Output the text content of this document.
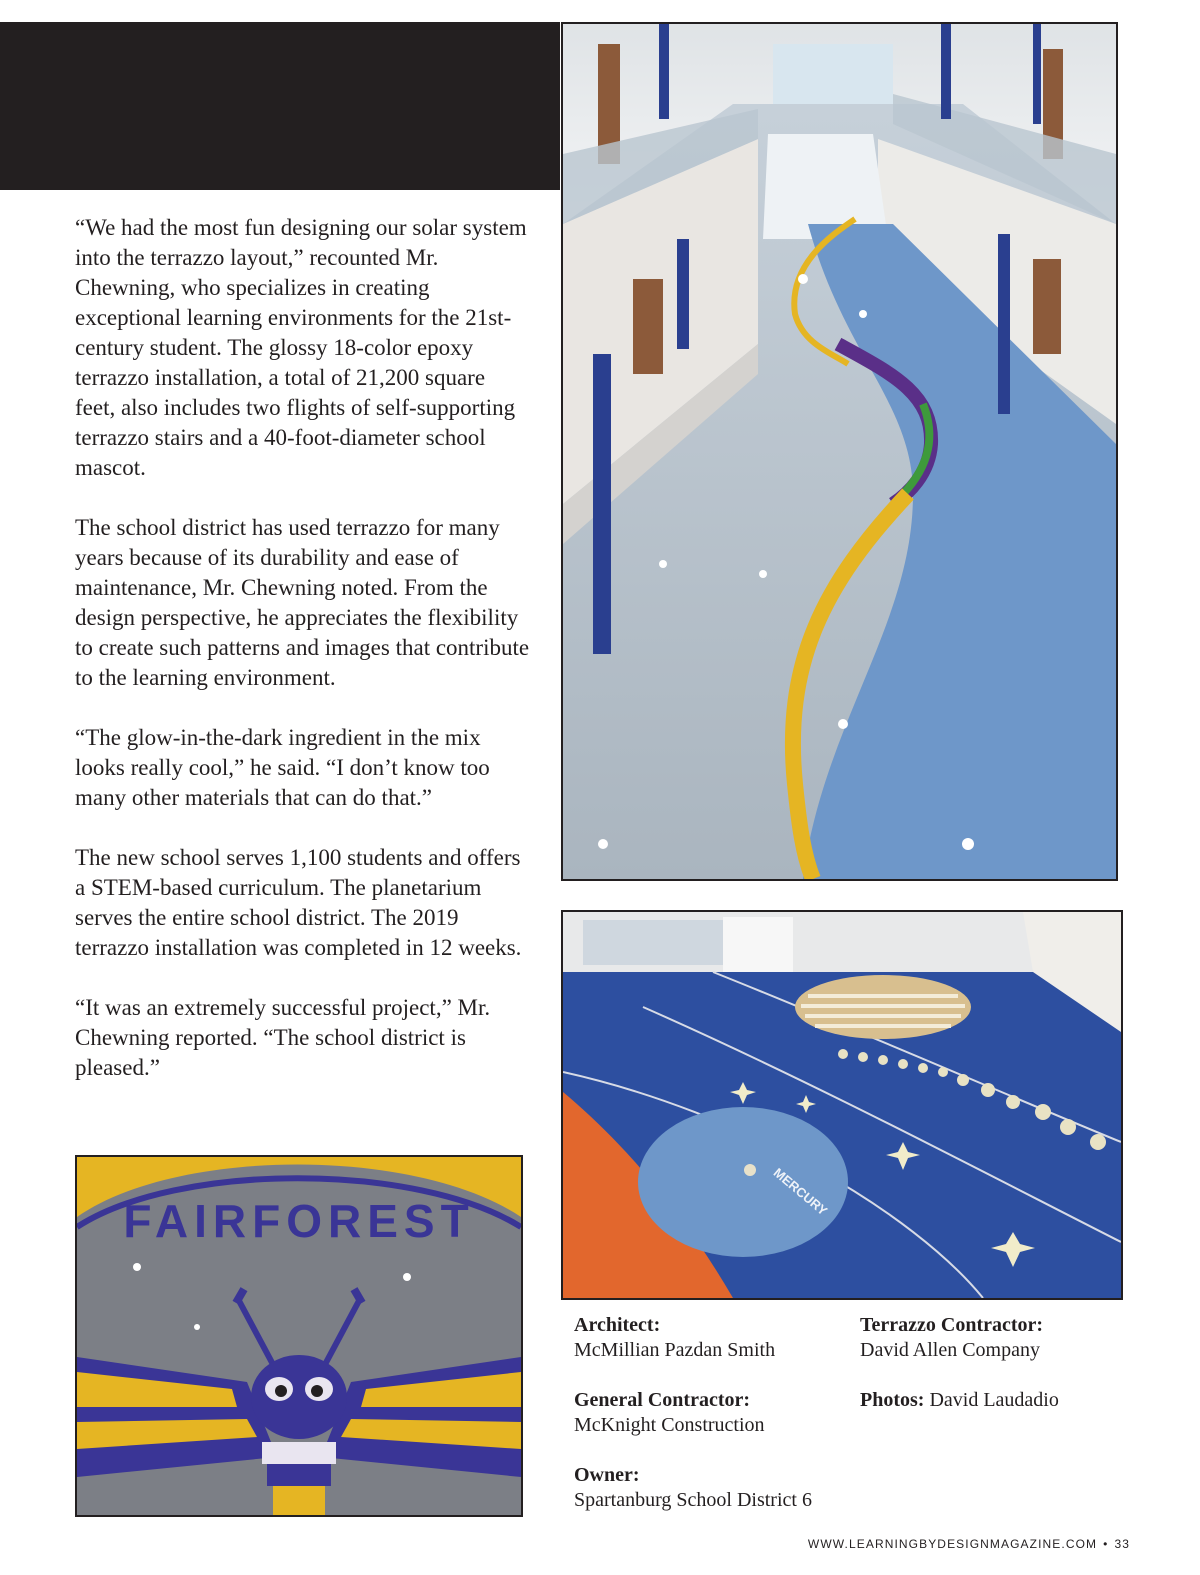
“We had the most fun designing our solar system into the terrazzo layout,” recounted Mr. Chewning, who specializes in creating exceptional learning environments for the 21st-century student. The glossy 18-color epoxy terrazzo installation, a total of 21,200 square feet, also includes two flights of self-supporting terrazzo stairs and a 40-foot-diameter school mascot.

The school district has used terrazzo for many years because of its durability and ease of maintenance, Mr. Chewning noted. From the design perspective, he appreciates the flexibility to create such patterns and images that contribute to the learning environment.

“The glow-in-the-dark ingredient in the mix looks really cool,” he said. “I don’t know too many other materials that can do that.”

The new school serves 1,100 students and offers a STEM-based curriculum. The planetarium serves the entire school district. The 2019 terrazzo installation was completed in 12 weeks.

“It was an extremely successful project,” Mr. Chewning reported. “The school district is pleased.”

MERCURY
FAIRFOREST
Architect:
McMillian Pazdan Smith
General Contractor:
McKnight Construction
Owner:
Spartanburg School District 6
Terrazzo Contractor:
David Allen Company
Photos: David Laudadio
WWW.LEARNINGBYDESIGNMAGAZINE.COM • 33
